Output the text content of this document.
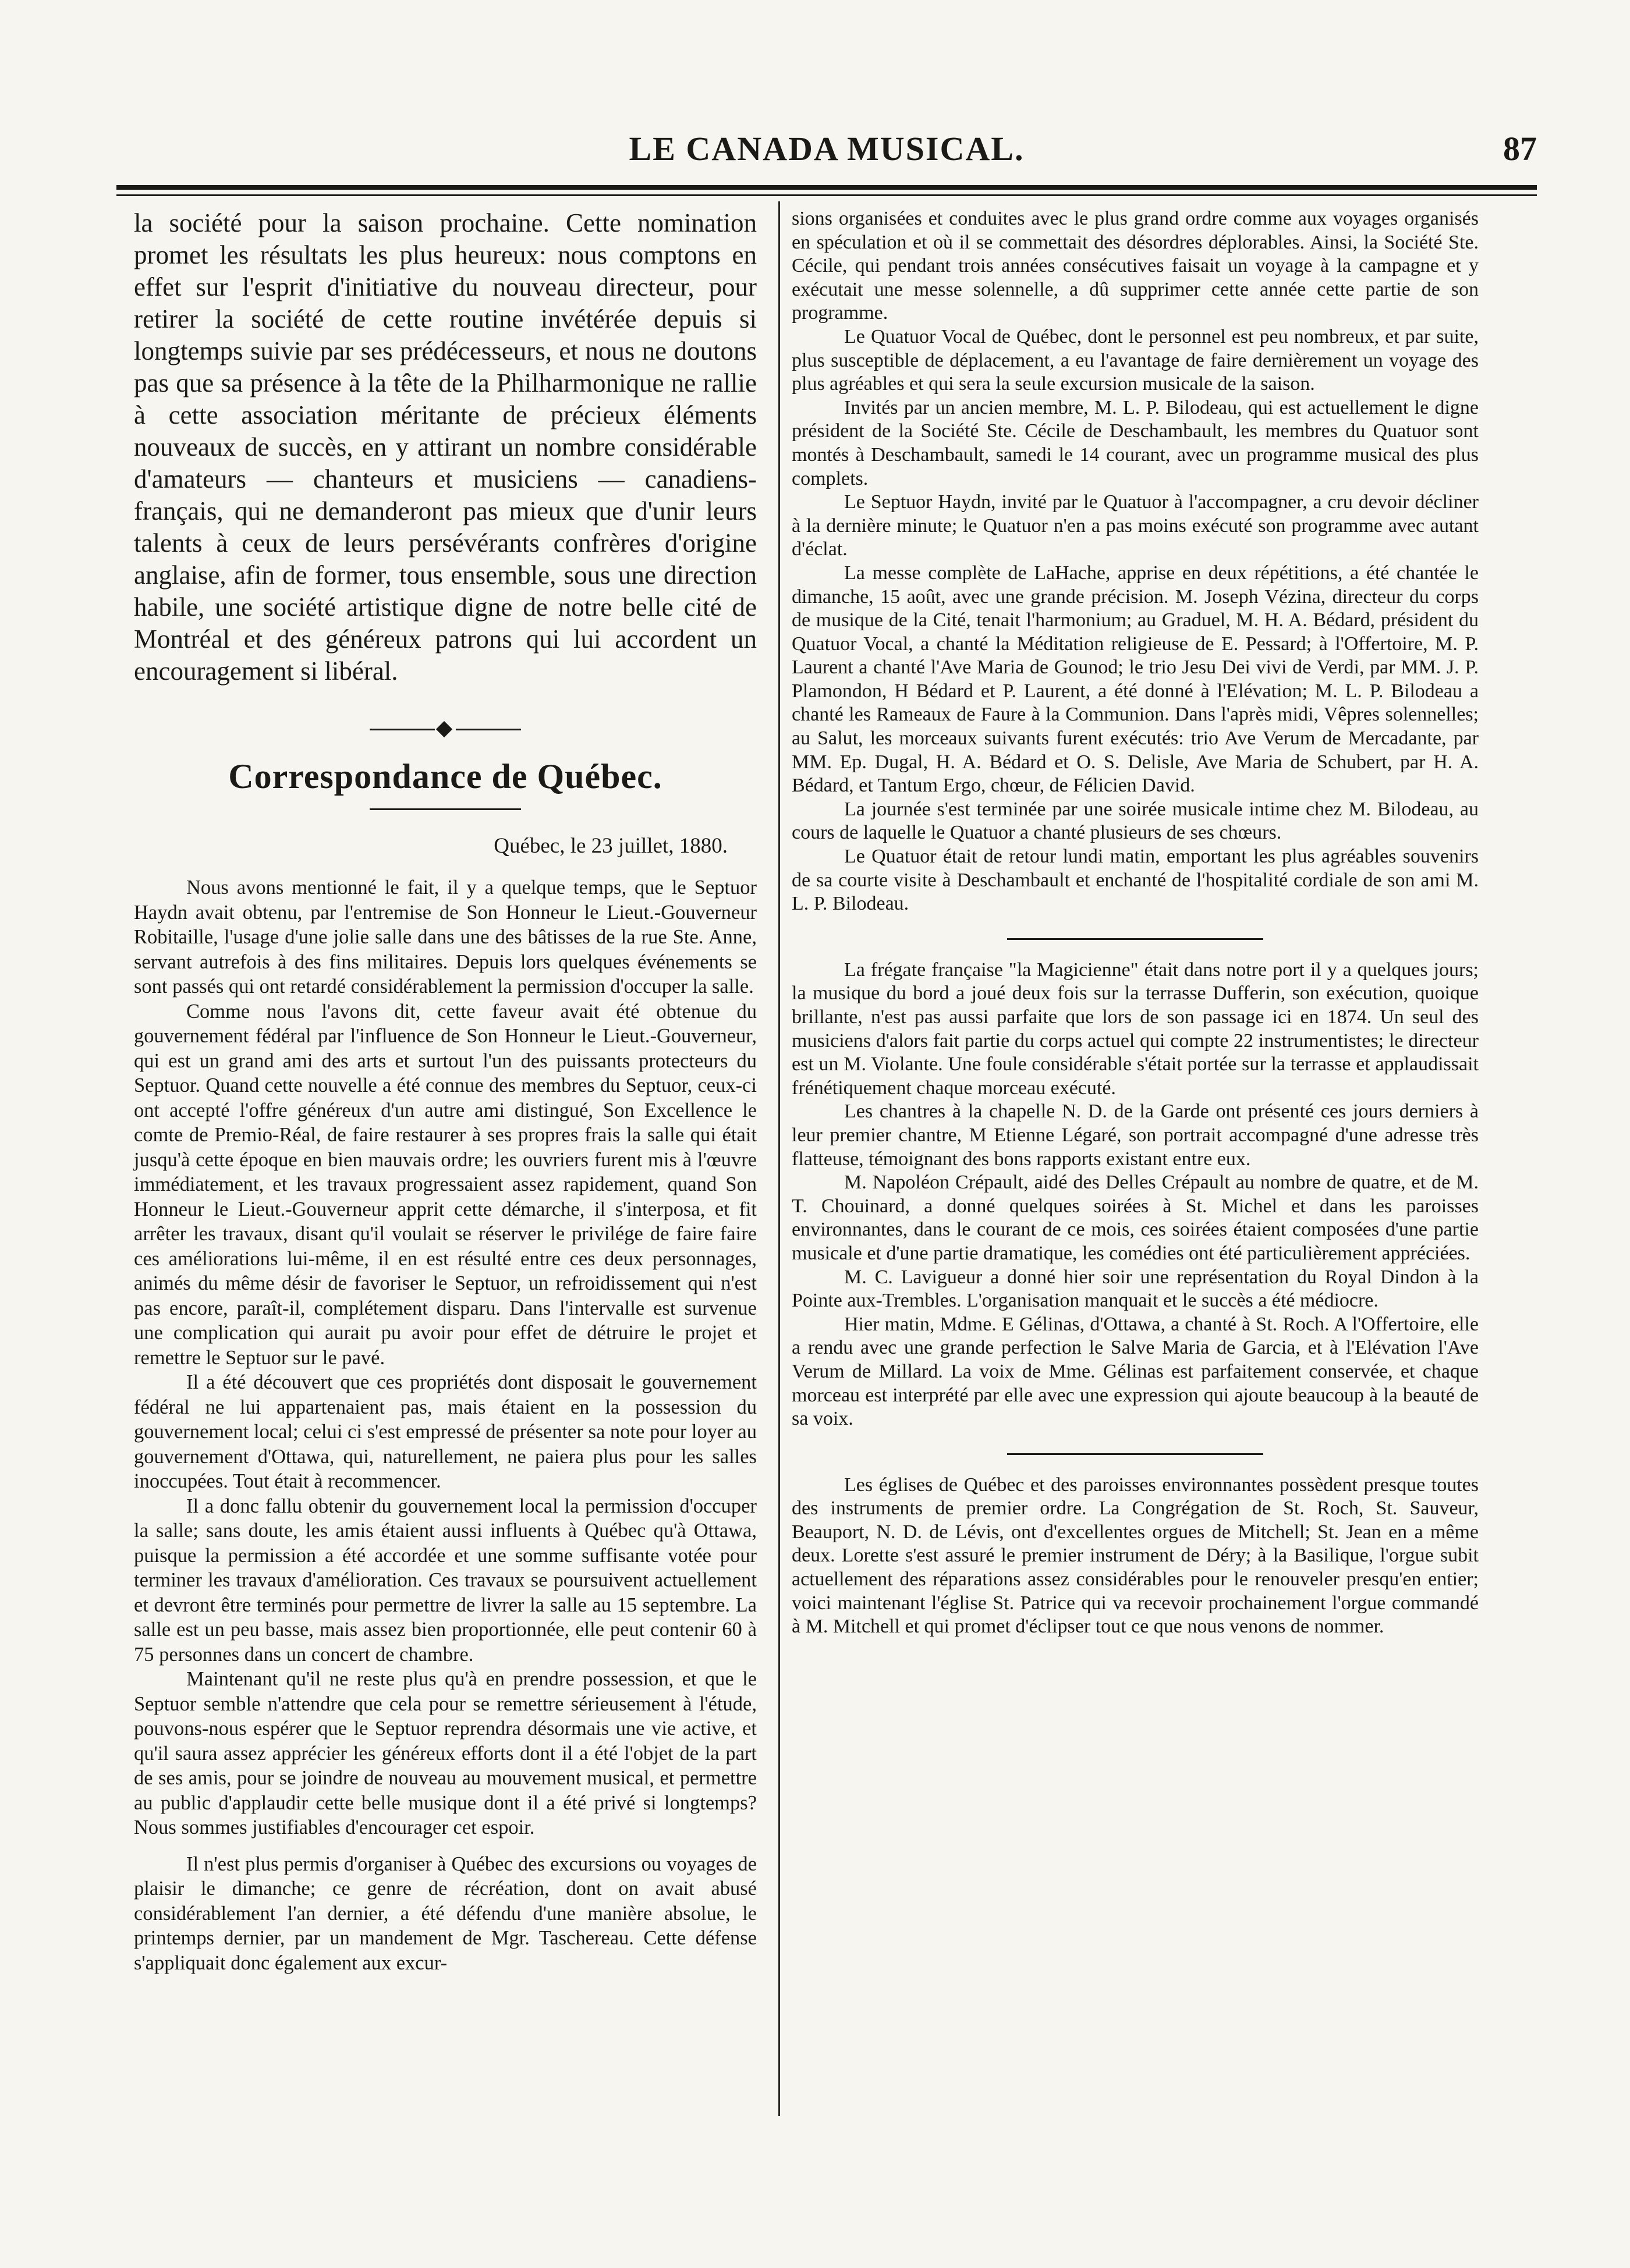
LE CANADA MUSICAL.	87

la société pour la saison prochaine. Cette nomination promet les résultats les plus heureux: nous comptons en effet sur l'esprit d'initiative du nouveau directeur, pour retirer la société de cette routine invétérée depuis si longtemps suivie par ses prédécesseurs, et nous ne doutons pas que sa présence à la tête de la Philharmonique ne rallie à cette association méritante de précieux éléments nouveaux de succès, en y attirant un nombre considérable d'amateurs — chanteurs et musiciens — canadiens-français, qui ne demanderont pas mieux que d'unir leurs talents à ceux de leurs persévérants confrères d'origine anglaise, afin de former, tous ensemble, sous une direction habile, une société artistique digne de notre belle cité de Montréal et des généreux patrons qui lui accordent un encouragement si libéral.

Correspondance de Québec.
Québec, le 23 juillet, 1880.

Nous avons mentionné le fait, il y a quelque temps, que le Septuor Haydn avait obtenu, par l'entremise de Son Honneur le Lieut.-Gouverneur Robitaille, l'usage d'une jolie salle dans une des bâtisses de la rue Ste. Anne, servant autrefois à des fins militaires. Depuis lors quelques événements se sont passés qui ont retardé considérablement la permission d'occuper la salle.

Comme nous l'avons dit, cette faveur avait été obtenue du gouvernement fédéral par l'influence de Son Honneur le Lieut.-Gouverneur, qui est un grand ami des arts et surtout l'un des puissants protecteurs du Septuor. Quand cette nouvelle a été connue des membres du Septuor, ceux-ci ont accepté l'offre généreux d'un autre ami distingué, Son Excellence le comte de Premio-Réal, de faire restaurer à ses propres frais la salle qui était jusqu'à cette époque en bien mauvais ordre; les ouvriers furent mis à l'œuvre immédiatement, et les travaux progressaient assez rapidement, quand Son Honneur le Lieut.-Gouverneur apprit cette démarche, il s'interposa, et fit arrêter les travaux, disant qu'il voulait se réserver le privilége de faire faire ces améliorations lui-même, il en est résulté entre ces deux personnages, animés du même désir de favoriser le Septuor, un refroidissement qui n'est pas encore, paraît-il, complétement disparu. Dans l'intervalle est survenue une complication qui aurait pu avoir pour effet de détruire le projet et remettre le Septuor sur le pavé.

Il a été découvert que ces propriétés dont disposait le gouvernement fédéral ne lui appartenaient pas, mais étaient en la possession du gouvernement local; celui ci s'est empressé de présenter sa note pour loyer au gouvernement d'Ottawa, qui, naturellement, ne paiera plus pour les salles inoccupées. Tout était à recommencer.

Il a donc fallu obtenir du gouvernement local la permission d'occuper la salle; sans doute, les amis étaient aussi influents à Québec qu'à Ottawa, puisque la permission a été accordée et une somme suffisante votée pour terminer les travaux d'amélioration. Ces travaux se poursuivent actuellement et devront être terminés pour permettre de livrer la salle au 15 septembre. La salle est un peu basse, mais assez bien proportionnée, elle peut contenir 60 à 75 personnes dans un concert de chambre.

Maintenant qu'il ne reste plus qu'à en prendre possession, et que le Septuor semble n'attendre que cela pour se remettre sérieusement à l'étude, pouvons-nous espérer que le Septuor reprendra désormais une vie active, et qu'il saura assez apprécier les généreux efforts dont il a été l'objet de la part de ses amis, pour se joindre de nouveau au mouvement musical, et permettre au public d'applaudir cette belle musique dont il a été privé si longtemps? Nous sommes justifiables d'encourager cet espoir.

Il n'est plus permis d'organiser à Québec des excursions ou voyages de plaisir le dimanche; ce genre de récréation, dont on avait abusé considérablement l'an dernier, a été défendu d'une manière absolue, le printemps dernier, par un mandement de Mgr. Taschereau. Cette défense s'appliquait donc également aux excur-

sions organisées et conduites avec le plus grand ordre comme aux voyages organisés en spéculation et où il se commettait des désordres déplorables. Ainsi, la Société Ste. Cécile, qui pendant trois années consécutives faisait un voyage à la campagne et y exécutait une messe solennelle, a dû supprimer cette année cette partie de son programme.

Le Quatuor Vocal de Québec, dont le personnel est peu nombreux, et par suite, plus susceptible de déplacement, a eu l'avantage de faire dernièrement un voyage des plus agréables et qui sera la seule excursion musicale de la saison.

Invités par un ancien membre, M. L. P. Bilodeau, qui est actuellement le digne président de la Société Ste. Cécile de Deschambault, les membres du Quatuor sont montés à Deschambault, samedi le 14 courant, avec un programme musical des plus complets.

Le Septuor Haydn, invité par le Quatuor à l'accompagner, a cru devoir décliner à la dernière minute; le Quatuor n'en a pas moins exécuté son programme avec autant d'éclat.

La messe complète de LaHache, apprise en deux répétitions, a été chantée le dimanche, 15 août, avec une grande précision. M. Joseph Vézina, directeur du corps de musique de la Cité, tenait l'harmonium; au Graduel, M. H. A. Bédard, président du Quatuor Vocal, a chanté la Méditation religieuse de E. Pessard; à l'Offertoire, M. P. Laurent a chanté l'Ave Maria de Gounod; le trio Jesu Dei vivi de Verdi, par MM. J. P. Plamondon, H Bédard et P. Laurent, a été donné à l'Elévation; M. L. P. Bilodeau a chanté les Rameaux de Faure à la Communion. Dans l'après midi, Vêpres solennelles; au Salut, les morceaux suivants furent exécutés: trio Ave Verum de Mercadante, par MM. Ep. Dugal, H. A. Bédard et O. S. Delisle, Ave Maria de Schubert, par H. A. Bédard, et Tantum Ergo, chœur, de Félicien David.

La journée s'est terminée par une soirée musicale intime chez M. Bilodeau, au cours de laquelle le Quatuor a chanté plusieurs de ses chœurs.

Le Quatuor était de retour lundi matin, emportant les plus agréables souvenirs de sa courte visite à Deschambault et enchanté de l'hospitalité cordiale de son ami M. L. P. Bilodeau.

La frégate française "la Magicienne" était dans notre port il y a quelques jours; la musique du bord a joué deux fois sur la terrasse Dufferin, son exécution, quoique brillante, n'est pas aussi parfaite que lors de son passage ici en 1874. Un seul des musiciens d'alors fait partie du corps actuel qui compte 22 instrumentistes; le directeur est un M. Violante. Une foule considérable s'était portée sur la terrasse et applaudissait frénétiquement chaque morceau exécuté.

Les chantres à la chapelle N. D. de la Garde ont présenté ces jours derniers à leur premier chantre, M Etienne Légaré, son portrait accompagné d'une adresse très flatteuse, témoignant des bons rapports existant entre eux.

M. Napoléon Crépault, aidé des Delles Crépault au nombre de quatre, et de M. T. Chouinard, a donné quelques soirées à St. Michel et dans les paroisses environnantes, dans le courant de ce mois, ces soirées étaient composées d'une partie musicale et d'une partie dramatique, les comédies ont été particulièrement appréciées.

M. C. Lavigueur a donné hier soir une représentation du Royal Dindon à la Pointe aux-Trembles. L'organisation manquait et le succès a été médiocre.

Hier matin, Mdme. E Gélinas, d'Ottawa, a chanté à St. Roch. A l'Offertoire, elle a rendu avec une grande perfection le Salve Maria de Garcia, et à l'Elévation l'Ave Verum de Millard. La voix de Mme. Gélinas est parfaitement conservée, et chaque morceau est interprété par elle avec une expression qui ajoute beaucoup à la beauté de sa voix.

Les églises de Québec et des paroisses environnantes possèdent presque toutes des instruments de premier ordre. La Congrégation de St. Roch, St. Sauveur, Beauport, N. D. de Lévis, ont d'excellentes orgues de Mitchell; St. Jean en a même deux. Lorette s'est assuré le premier instrument de Déry; à la Basilique, l'orgue subit actuellement des réparations assez considérables pour le renouveler presqu'en entier; voici maintenant l'église St. Patrice qui va recevoir prochainement l'orgue commandé à M. Mitchell et qui promet d'éclipser tout ce que nous venons de nommer.
